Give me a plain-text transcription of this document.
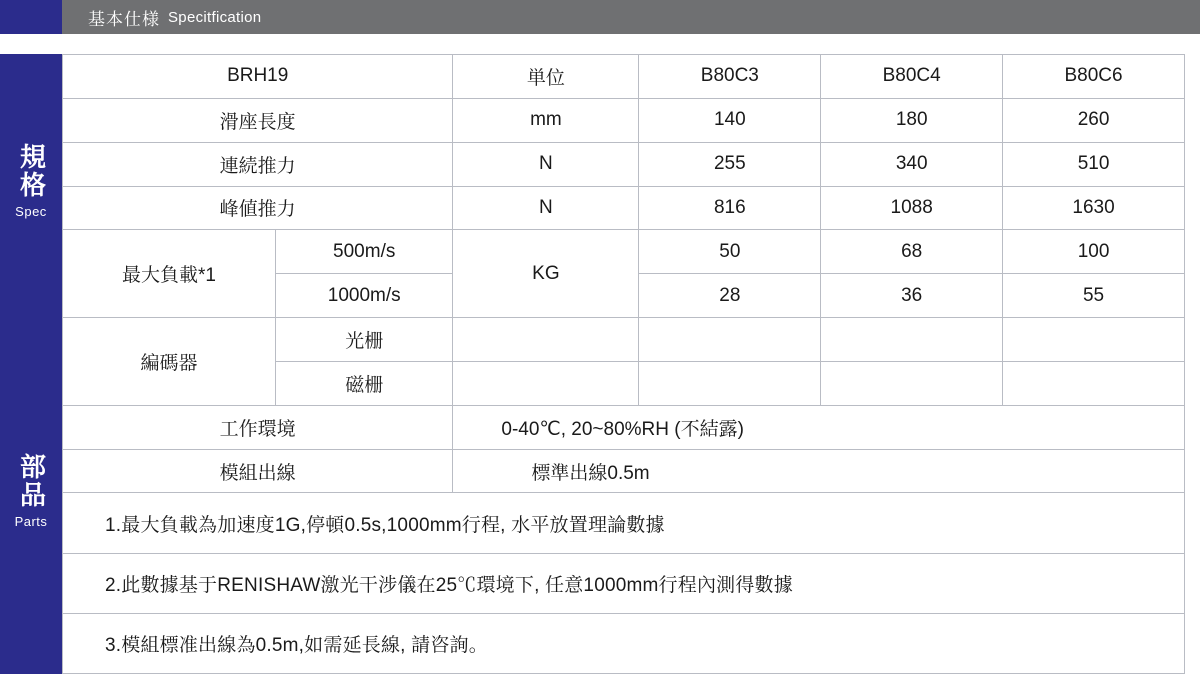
基本仕様 Specitfication
規格
Spec
部品
Parts
BRH19		単位	B80C3	B80C4	B80C6
滑座長度		mm	140	180	260
連続推力		N	255	340	510
峰値推力		N	816	1088	1630
最大負載*1	500m/s	KG	50	68	100
	1000m/s		28	36	55
編碼器	光栅				
	磁栅				
工作環境		0-40℃, 20~80%RH (不結露)			
模組出線		標準出線0.5m			
1.最大負載為加速度1G,停頓0.5s,1000mm行程, 水平放置理論數據					
2.此數據基于RENISHAW激光干涉儀在25℃環境下, 任意1000mm行程內測得數據					
3.模組標准出線為0.5m,如需延長線, 請咨詢。					
